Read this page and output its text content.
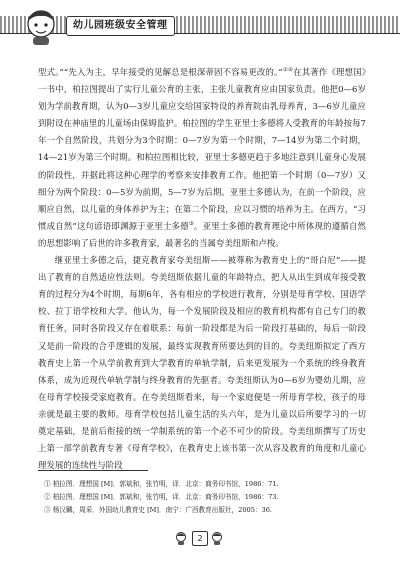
幼儿园班级安全管理

型式。”“先入为主，早年接受的见解总是根深蒂固不容易更改的。”①②在其著作《理想国》一书中，柏拉图提出了实行儿童公育的主张，主张儿童教育应由国家负责。他把0—6岁划为学前教育期，认为0—3岁儿童应交给国家特设的养育院由乳母养育，3—6岁儿童应到附设在神庙里的儿童场由保姆监护。柏拉图的学生亚里士多德将人受教育的年龄按每7年一个自然阶段，共划分为3个时期：0—7岁为第一个时期，7—14岁为第二个时期，14—21岁为第三个时期。和柏拉图相比较，亚里士多德更趋于多地注意到儿童身心发展的阶段性，并据此将这种心理学的考察来安排教育工作。他把第一个时期（0—7岁）又细分为两个阶段：0—5岁为前期，5—7岁为后期。亚里士多德认为，在前一个阶段，应顺应自然，以儿童的身体养护为主；在第二个阶段，应以习惯的培养为主。在西方，“习惯成自然”这句谚语即渊源于亚里士多德③。亚里士多德的教育理论中所体现的遵循自然的思想影响了后世的许多教育家，最著名的当属夸美纽斯和卢梭。

继亚里士多德之后，捷克教育家夸美纽斯——被尊称为教育史上的“哥白尼”——提出了教育的自然适应性法则。夸美纽斯依据儿童的年龄特点，把人从出生到成年接受教育的过程分为4个时期，每期6年，各有相应的学校进行教育，分别是母育学校、国语学校、拉丁语学校和大学。他认为，每一个发展阶段及相应的教育机构都有自己专门的教育任务，同时各阶段又存在着联系：每前一阶段都是为后一阶段打基础的，每后一阶段又是前一阶段的合乎逻辑的发展，最终实现教育所要达到的目的。夸美纽斯拟定了西方教育史上第一个从学前教育到大学教育的单轨学制，后来更发展为一个系统的终身教育体系，成为近现代单轨学制与终身教育的先驱者。夸美纽斯认为0—6岁为婴幼儿期，应在母育学校接受家庭教育。在夸美纽斯看来，每一个家庭便是一所母育学校，孩子的母亲就是最主要的教师。母育学校包括儿童生活的头六年，是为儿童以后所要学习的一切奠定基础，是前后衔接的统一学制系统的第一个必不可少的阶段。夸美纽斯撰写了历史上第一部学前教育专著《母育学校》，在教育史上该书第一次从容及教育的角度和儿童心理发展的连续性与阶段

① 柏拉图．理想国 [M]．郭斌和，张竹明，译．北京：商务印书馆，1986：71.
② 柏拉图．理想国 [M]．郭斌和，张竹明，译．北京：商务印书馆，1986：73.
③ 杨汉麟，周采．外国幼儿教育史 [M]．南宁：广西教育出版社，2005：36.
2
